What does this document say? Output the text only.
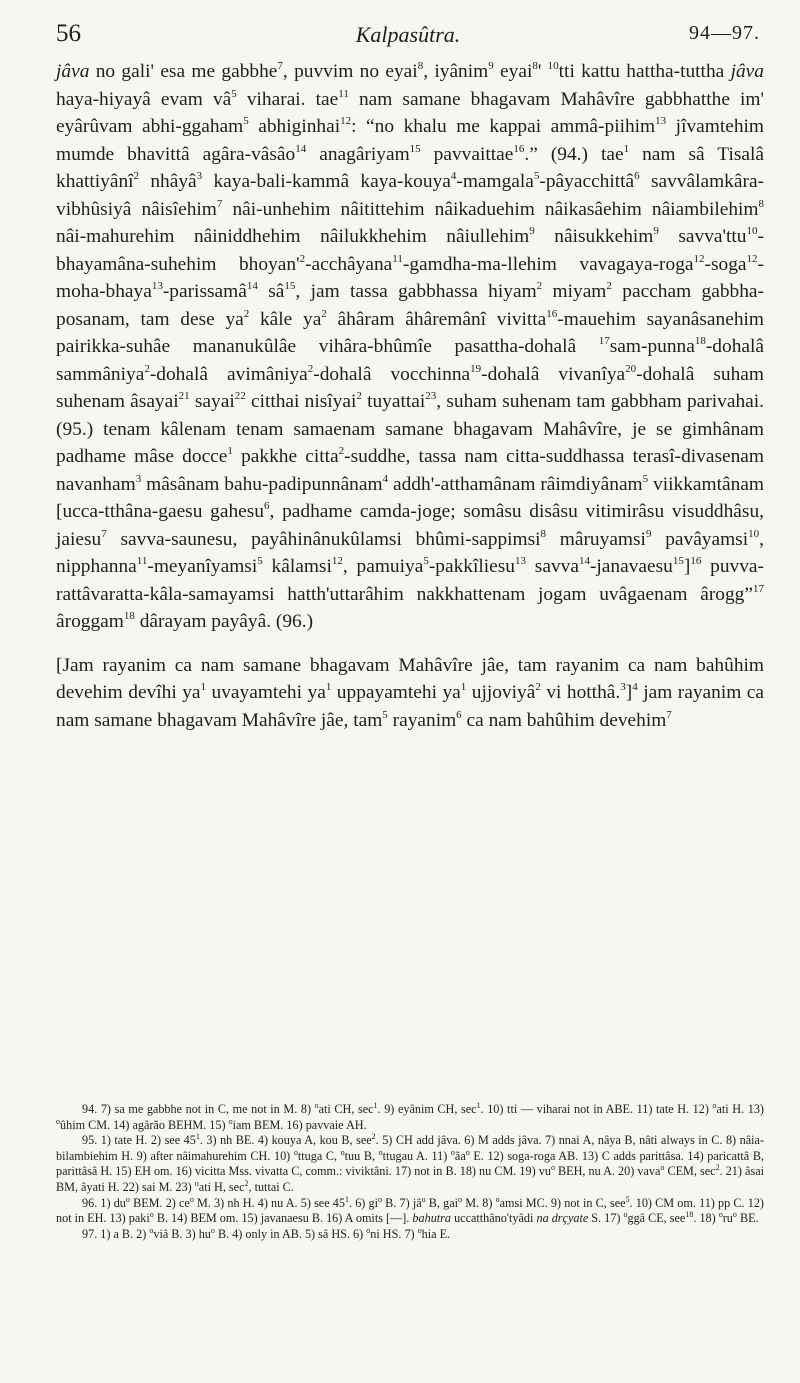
56	Kalpasûtra.	94—97.

jâva no gali' esa me gabbhe$^7$, puvvim no eyai$^8$, iyânim$^9$ eyai$^8$' $^{10}$tti kattu hattha-tuttha jâva haya-hiyayâ evam $vâ^5$ viharai. tae$^{11}$ nam samane bhagavam Mahâvîre gabbhatthe im' eyârûvam abhi-ggaham$^5$ abhiginhai$^{12}$: “no khalu me kappai ammâ-piihim$^{13}$ jîvamtehim mumde bhavittâ agâra-vâsâo$^{14}$ anagâriyam$^{15}$ pavvaittae$^{16}$.” (94.) tae$^1$ nam sâ Tisalâ khattiyânî$^2$ nhâyâ$^3$ kaya-bali-kammâ kaya-kouya$^4$-mamgala$^5$-pâyacchittâ$^6$ savvâlamkâra-vibhûsiyâ nâisîehim$^7$ nâi-unhehim nâitittehim nâikaduehim nâikasâehim nâiambilehim$^8$ nâi-mahurehim nâiniddhehim nâilukkhehim nâiullehim$^9$ nâisukkehim$^9$ savva'ttu$^{10}$-bhayamâna-suhehim $bhoyan'^2-acchâyana^{11}-gamdha-ma$-llehim vavagaya-roga$^{12}$-soga$^{12}$-moha-bhaya$^{13}$-parissamâ$^{14}$ $sâ^{15}$, jam tassa gabbhassa hiyam$^2$ miyam$^2$ paccham gabbha-posanam, tam dese $ya^2$ kâle $ya^2$ âhâram âhâremânî vivitta$^{16}$-mauehim sayanâsanehim pairikka-suhâe mananukûlâe vihâra-bhûmîe pasattha-dohalâ $^{17}$sam-punna$^{18}$-dohalâ sammâniya$^2$-dohalâ avimâniya$^2$-dohalâ vocchinna$^{19}$-dohalâ vivanîya$^{20}$-dohalâ suham suhenam âsayai$^{21}$ sayai$^{22}$ citthai nisîyai$^2$ tuyattai$^{23}$, suham suhenam tam gabbham parivahai. (95.) tenam kâlenam tenam samaenam samane bhagavam Mahâvîre, je se gimhânam padhame mâse docce$^1$ pakkhe citta$^2$-suddhe, tassa nam citta-suddhassa terasî-divasenam navanham$^3$ mâsânam bahu-padipunnânam$^4$ addh'-atthamânam râimdiyânam$^5$ viikkamtânam [ucca-tthâna-gaesu gahesu$^6$, padhame camda-joge; somâsu disâsu vitimirâsu visuddhâsu, jaiesu$^7$ savva-saunesu, payâhinânukûlamsi bhûmi-sappimsi$^8$ mâruyamsi$^9$ pavâyamsi$^{10}$, nipphanna$^{11}$-meyanîyamsi$^5$ kâlamsi$^{12}$, pamuiya$^5$-pakkîliesu$^{13}$ savva$^{14}$-janavaesu$^{15}$]$^{16}$ puvva-rattâvaratta-kâla-samayamsi hatth'uttarâhim nakkhattenam jogam uvâgaenam ârogg”$^{17}$ âroggam$^{18}$ dârayam payâyâ. (96.)

[Jam rayanim ca nam samane bhagavam Mahâvîre jâe, tam rayanim ca nam bahûhim devehim devîhi $ya^1$ uvayamtehi $ya^1$ uppayamtehi $ya^1$ ujjoviyâ$^2$ vi hotthâ.$^3$]$^4$ jam rayanim ca nam samane bhagavam Mahâvîre jâe, tam$^5$ rayanim$^6$ ca nam bahûhim devehim$^7$

94. 7) sa me gabbhe not in C, me not in M. 8) $^o$ati CH, $\sec^1$. 9) eyânim CH, $\sec^1$. 10) tti — viharai not in ABE. 11) tate H. 12) $^o$ati H. 13) $^o$ûhim CM. 14) agârão BEHM. 15) $^o$iam BEM. 16) pavvaie AH.

95. 1) tate H. 2) see $45^1$. 3) nh BE. 4) kouya A, kou B, see$^2$. 5) CH add jâva. 6) M adds jâva. 7) nnai A, nâya B, nâti always in C. 8) nâia-bilambiehim H. 9) after nâimahurehim CH. 10) $^o$ttuga C, $^o$tuu B, $^o$ttugau A. 11) $^oãa^o$ E. 12) soga-roga AB. 13) C adds parittâsa. 14) paricattâ B, parittâsâ H. 15) EH om. 16) vicitta Mss. vivatta C, comm.: viviktâni. 17) not in B. 18) nu CM. 19) $vu^o$ BEH, nu A. 20) vava$^o$ CEM, $\sec^2$. 21) âsai BM, âyati H. 22) sai M. 23) $^o$ati H, $\sec^2$, tuttai C.

96. 1) $du^o$ BEM. 2) $ce^o$ M. 3) nh H. 4) nu A. 5) see $45^1$. 6) $gi^o$ B. 7) $jâ^o$ B, gai$^o$ M. 8) $^o$amsi MC. 9) not in C, see$^5$. 10) CM om. 11) pp C. 12) not in EH. 13) paki$^o$ B. 14) BEM om. 15) javanaesu B. 16) A omits [—]. bahutra uccatthâno'tyâdi na drçyate S. 17) $^o$ggâ CE, see$^{18}$. 18) $^oru^o$ BE.

97. 1) a B. 2) $^o$viâ B. 3) $hu^o$ B. 4) only in AB. 5) sâ HS. 6) $^o$ni HS. 7) $^o$hia E.
